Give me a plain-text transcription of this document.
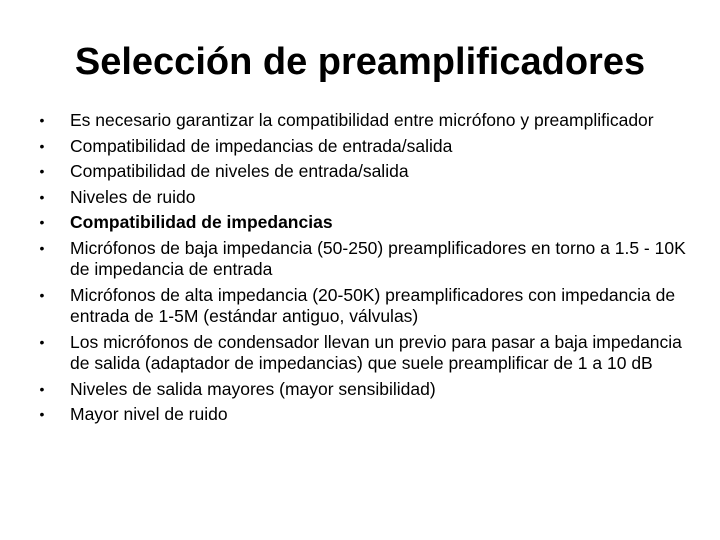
Selección de preamplificadores
•	Es necesario garantizar la compatibilidad entre micrófono y preamplificador
•	Compatibilidad de impedancias de entrada/salida
•	Compatibilidad de niveles de entrada/salida
•	Niveles de ruido
•	Compatibilidad de impedancias
•	Micrófonos de baja impedancia (50-250) preamplificadores en torno a 1.5 - 10K de impedancia de entrada
•	Micrófonos de alta impedancia (20-50K) preamplificadores con impedancia de entrada de 1-5M (estándar antiguo, válvulas)
•	Los micrófonos de condensador llevan un previo para pasar a baja impedancia de salida (adaptador de impedancias) que suele preamplificar de 1 a 10 dB
•	Niveles de salida mayores (mayor sensibilidad)
•	Mayor nivel de ruido
